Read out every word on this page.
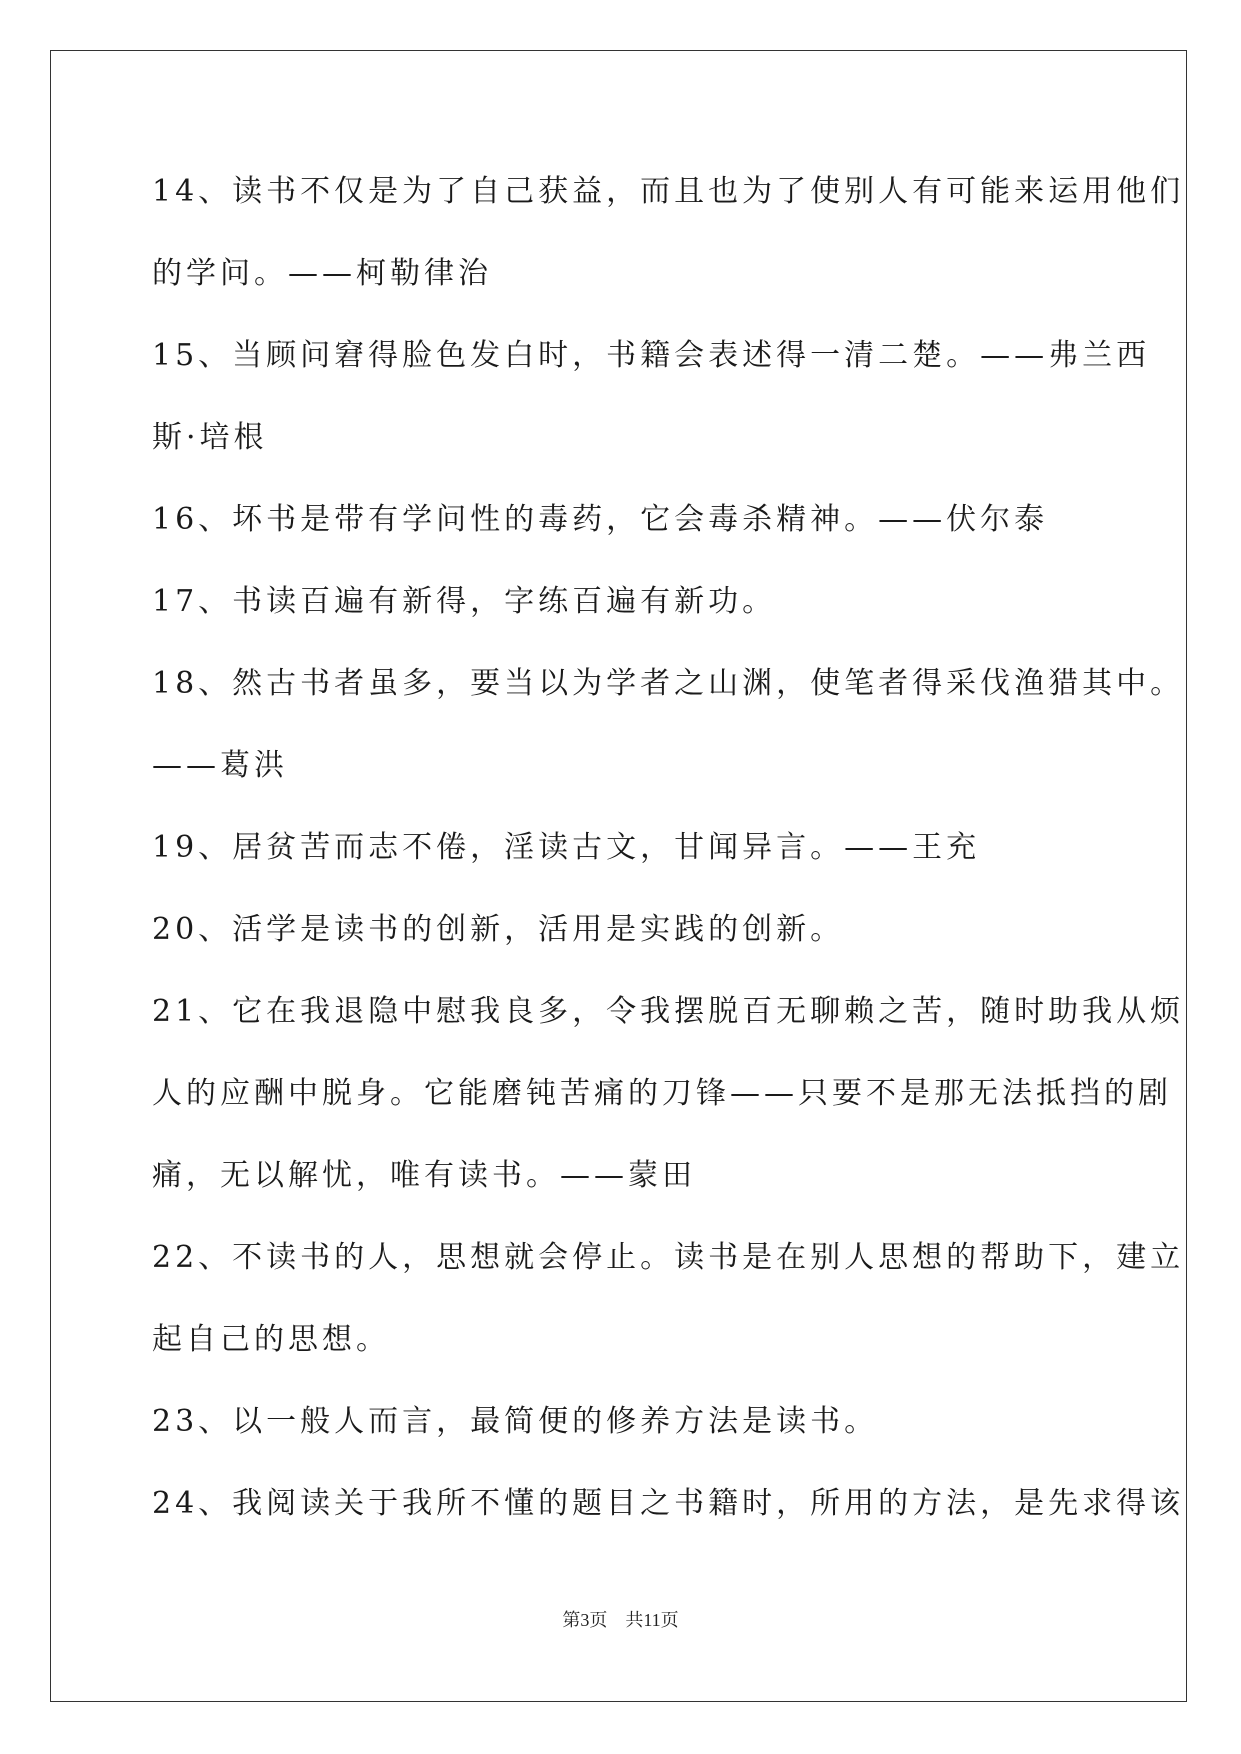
14、读书不仅是为了自己获益，而且也为了使别人有可能来运用他们
的学问。——柯勒律治
15、当顾问窘得脸色发白时，书籍会表述得一清二楚。——弗兰西
斯·培根
16、坏书是带有学问性的毒药，它会毒杀精神。——伏尔泰
17、书读百遍有新得，字练百遍有新功。
18、然古书者虽多，要当以为学者之山渊，使笔者得采伐渔猎其中。
——葛洪
19、居贫苦而志不倦，淫读古文，甘闻异言。——王充
20、活学是读书的创新，活用是实践的创新。
21、它在我退隐中慰我良多，令我摆脱百无聊赖之苦，随时助我从烦
人的应酬中脱身。它能磨钝苦痛的刀锋——只要不是那无法抵挡的剧
痛，无以解忧，唯有读书。——蒙田
22、不读书的人，思想就会停止。读书是在别人思想的帮助下，建立
起自己的思想。
23、以一般人而言，最简便的修养方法是读书。
24、我阅读关于我所不懂的题目之书籍时，所用的方法，是先求得该
第3页 共11页
